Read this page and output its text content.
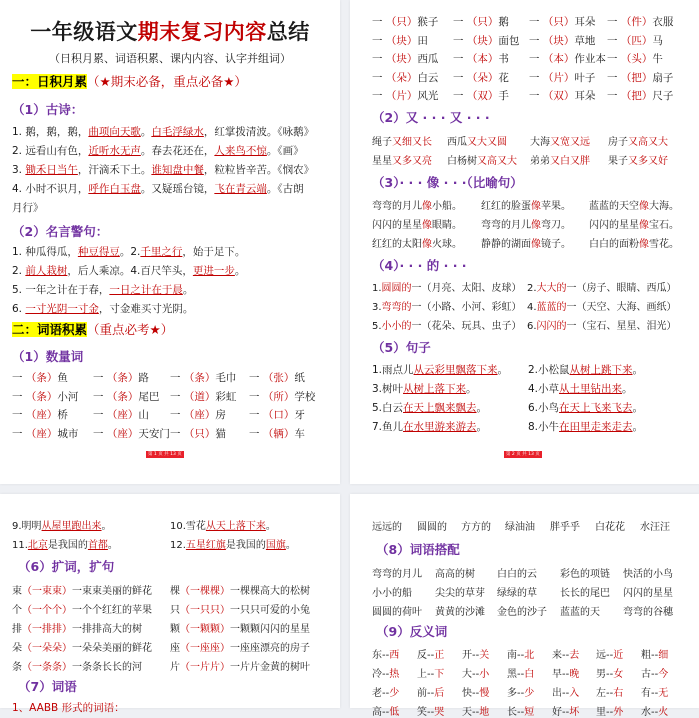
一年级语文期末复习内容总结
（日积月累、词语积累、课内内容、认字并组词）
一：日积月累（★期末必备，重点必备★）
（1）古诗：
1. 鹅，鹅，鹅，曲项向天歌。白毛浮绿水，红掌拨清波。《咏鹅》
2. 远看山有色，近听水无声。春去花还在，人来鸟不惊。《画》
3. 锄禾日当午，汗滴禾下土。谁知盘中餐，粒粒皆辛苦。《悯农》
4. 小时不识月，呼作白玉盘。又疑瑶台镜，飞在青云端。《古朗
月行》
（2）名言警句：
1. 种瓜得瓜，种豆得豆。2.千里之行，始于足下。
2. 前人栽树，后人乘凉。4.百尺竿头，更进一步。
5. 一年之计在于春，一日之计在于晨。
6. 一寸光阴一寸金，寸金难买寸光阴。
二：词语积累（重点必考★）
（1）数量词
一 （条）鱼	一 （条）路	一 （条）毛巾	一 （张）纸
一 （条）小河	一 （条）尾巴	一 （道）彩虹	一 （所）学校
一 （座）桥	一 （座）山	一 （座）房	一 （口）牙
一 （座）城市	一 （座）天安门 一 （只）猫	一 （辆）车
第 1 页 共 13 页
一 （只）猴子	一 （只）鹅	一 （只）耳朵	一 （件）衣服
一 （块）田	一 （块）面包 一 （块）草地	一 （匹）马
一 （块）西瓜	一 （本）书	一 （本）作业本 一 （头）牛
一 （朵）白云	一 （朵）花	一 （片）叶子	一 （把）扇子
一 （片）风光	一 （双）手	一 （双）耳朵	一 （把）尺子
（2）又 · · · 又 · · ·
绳子又细又长 西瓜又大又圆 大海又宽又远 房子又高又大
星星又多又亮 白杨树又高又大 弟弟又白又胖 果子又多又好
（3）· · · 像 · · ·（比喻句）
弯弯的月儿像小船。 红红的脸蛋像苹果。 蓝蓝的天空像大海。
闪闪的星星像眼睛。 弯弯的月儿像弯刀。 闪闪的星星像宝石。
红红的太阳像火球。 静静的湖面像镜子。 白白的面粉像雪花。
（4）· · · 的 · · ·
1.圆圆的一（月亮、太阳、皮球） 2.大大的一（房子、眼睛、西瓜）
3.弯弯的一（小路、小河、彩虹） 4.蓝蓝的一（天空、大海、画纸）
5.小小的一（花朵、玩具、虫子） 6.闪闪的一（宝石、星星、泪光）
（5）句子
1.雨点儿从云彩里飘落下来。 2.小松鼠从树上跳下来。
3.树叶从树上落下来。	4.小草从土里钻出来。
5.白云在天上飘来飘去。	6.小鸟在天上飞来飞去。
7.鱼儿在水里游来游去。	8.小牛在田里走来走去。
第 2 页 共 13 页
9.明明从屋里跑出来。	10.雪花从天上落下来。
11.北京是我国的首都。	12.五星红旗是我国的国旗。
（6）扩词，扩句
束（一束束）一束束美丽的鲜花 棵（一棵棵）一棵棵高大的松树
个（一个个）一个个红红的苹果 只（一只只）一只只可爱的小兔
排（一排排）一排排高大的树	颗（一颗颗）一颗颗闪闪的星星
朵（一朵朵）一朵朵美丽的鲜花 座（一座座）一座座漂亮的房子
条（一条条）一条条长长的河	片（一片片）一片片金黄的树叶
（7）词语
1、AABB 形式的词语：
远远的 圆圆的 方方的 绿油油 胖乎乎 白花花 水汪汪
（8）词语搭配
弯弯的月儿 高高的树 白白的云 彩色的项链 快活的小鸟
小小的船 尖尖的草芽 绿绿的草 长长的尾巴 闪闪的星星
圆圆的荷叶 黄黄的沙滩 金色的沙子 蓝蓝的天 弯弯的谷穗
（9）反义词
东--西 反--正 开--关 南--北 来--去 远--近 粗--细
冷--热 上--下 大--小 黑--白 早--晚 男--女 古--今
老--少 前--后 快--慢 多--少 出--入 左--右 有--无
高--低 笑--哭 天--地 长--短 好--坏 里--外 水--火
